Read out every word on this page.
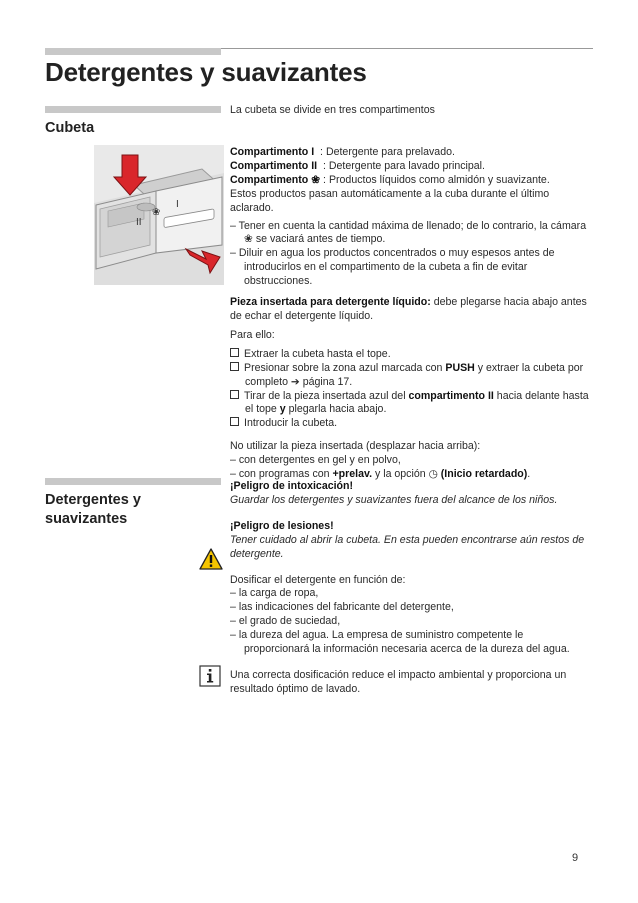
Detergentes y suavizantes
Cubeta
I
II
❀

La cubeta se divide en tres compartimentos

Compartimento I  : Detergente para prelavado.

Compartimento II  : Detergente para lavado principal.

Compartimento ❀ : Productos líquidos como almidón y suavizante.

Estos productos pasan automáticamente a la cuba durante el último aclarado.

– Tener en cuenta la cantidad máxima de llenado; de lo contrario, la cámara ❀ se vaciará antes de tiempo.

– Diluir en agua los productos concentrados o muy espesos antes de introducirlos en el compartimento de la cubeta a fin de evitar obstrucciones.

Pieza insertada para detergente líquido: debe plegarse hacia abajo antes de echar el detergente líquido.

Para ello:

Extraer la cubeta hasta el tope.

Presionar sobre la zona azul marcada con PUSH y extraer la cubeta por completo ➔ página 17.

Tirar de la pieza insertada azul del compartimento II hacia delante hasta el tope y plegarla hacia abajo.

Introducir la cubeta.

No utilizar la pieza insertada (desplazar hacia arriba):

– con detergentes en gel y en polvo,

– con programas con +prelav. y la opción ◷ (Inicio retardado).

Detergentes y
suavizantes

¡Peligro de intoxicación!

Guardar los detergentes y suavizantes fuera del alcance de los niños.

¡Peligro de lesiones!

Tener cuidado al abrir la cubeta. En esta pueden encontrarse aún restos de detergente.

Dosificar el detergente en función de:

– la carga de ropa,

– las indicaciones del fabricante del detergente,

– el grado de suciedad,

– la dureza del agua. La empresa de suministro competente le proporcionará la información necesaria acerca de la dureza del agua.

Una correcta dosificación reduce el impacto ambiental y proporciona un resultado óptimo de lavado.

9
